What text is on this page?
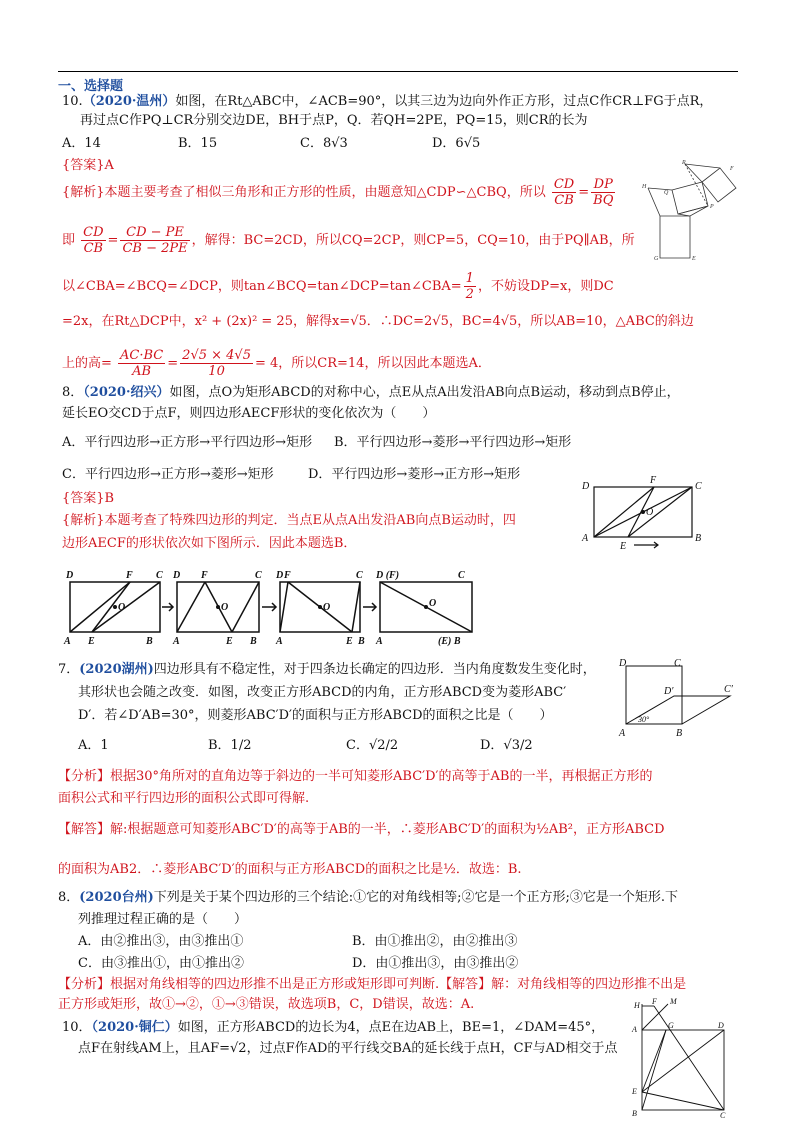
一、选择题
10.（2020·温州）如图，在Rt△ABC中，∠ACB=90°，以其三边为边向外作正方形，过点C作CR⊥FG于点R，
再过点C作PQ⊥CR分别交边DE，BH于点P，Q．若QH=2PE，PQ=15，则CR的长为
A．14	B．15	C．8√3	D．6√5
{答案}A
{解析}本题主要考查了相似三角形和正方形的性质，由题意知△CDP∽△CBQ，所以 $\frac{CD}{CB} = \frac{DP}{BQ}$
即 $\frac{CD}{CB} = \frac{CD - PE}{CB - 2PE}$ ，解得：BC=2CD，所以CQ=2CP，则CP=5，CQ=10，由于PQ∥AB，所
以∠CBA=∠BCQ=∠DCP，则tan∠BCQ=tan∠DCP=tan∠CBA= $\frac{1}{2}$ ，不妨设DP=x，则DC
=2x，在Rt△DCP中，x² + (2x)² = 25，解得x=√5．∴DC=2√5，BC=4√5，所以AB=10，△ABC的斜边
上的高= $\frac{AC\cdot BC}{AB} = \frac{2√5 \times 4√5}{10} = 4$，所以CR=14，所以因此本题选A．
H
R
Q
P
F
G	E
8．（2020·绍兴）如图，点O为矩形ABCD的对称中心，点E从点A出发沿AB向点B运动，移动到点B停止，
延长EO交CD于点F，则四边形AECF形状的变化依次为（　　）
A．平行四边形→正方形→平行四边形→矩形 B．平行四边形→菱形→平行四边形→矩形
C．平行四边形→正方形→菱形→矩形	D．平行四边形→菱形→正方形→矩形
{答案}B
{解析}本题考查了特殊四边形的判定．当点E从点A出发沿AB向点B运动时，四
边形AECF的形状依次如下图所示．因此本题选B．
D
F
C
O
A
E
B
D	F C
O
A E	B
D F	C
O
A	E B
D F	C
O
A	E B
D (F)	C
O
A	(E) B
7．(2020湖州)四边形具有不稳定性，对于四条边长确定的四边形．当内角度数发生变化时，
其形状也会随之改变．如图，改变正方形ABCD的内角，正方形ABCD变为菱形ABC′
D′．若∠D′AB=30°，则菱形ABC′D′的面积与正方形ABCD的面积之比是（　　）
A．1	B．1/2	C．√2/2	D．√3/2
【分析】根据30°角所对的直角边等于斜边的一半可知菱形ABC′D′的高等于AB的一半，再根据正方形的
面积公式和平行四边形的面积公式即可得解.
【解答】解:根据题意可知菱形ABC′D′的高等于AB的一半，∴菱形ABC′D′的面积为½AB²，正方形ABCD
的面积为AB2．∴菱形ABC′D′的面积与正方形ABCD的面积之比是½．故选：B.
D	C
D′	C′
30°
A	B
8．(2020台州)下列是关于某个四边形的三个结论:①它的对角线相等;②它是一个正方形;③它是一个矩形.下
列推理过程正确的是（　　）
A．由②推出③，由③推出①	B．由①推出②，由②推出③
C．由③推出①，由①推出②	D．由①推出③，由③推出②
【分析】根据对角线相等的四边形推不出是正方形或矩形即可判断.【解答】解：对角线相等的四边形推不出是
正方形或矩形，故①→②，①→③错误，故选项B，C，D错误，故选：A.
10．（2020·铜仁）如图，正方形ABCD的边长为4，点E在边AB上，BE=1，∠DAM=45°，
点F在射线AM上，且AF=√2，过点F作AD的平行线交BA的延长线于点H，CF与AD相交于点
H F M
A	G	D
E
B	C
